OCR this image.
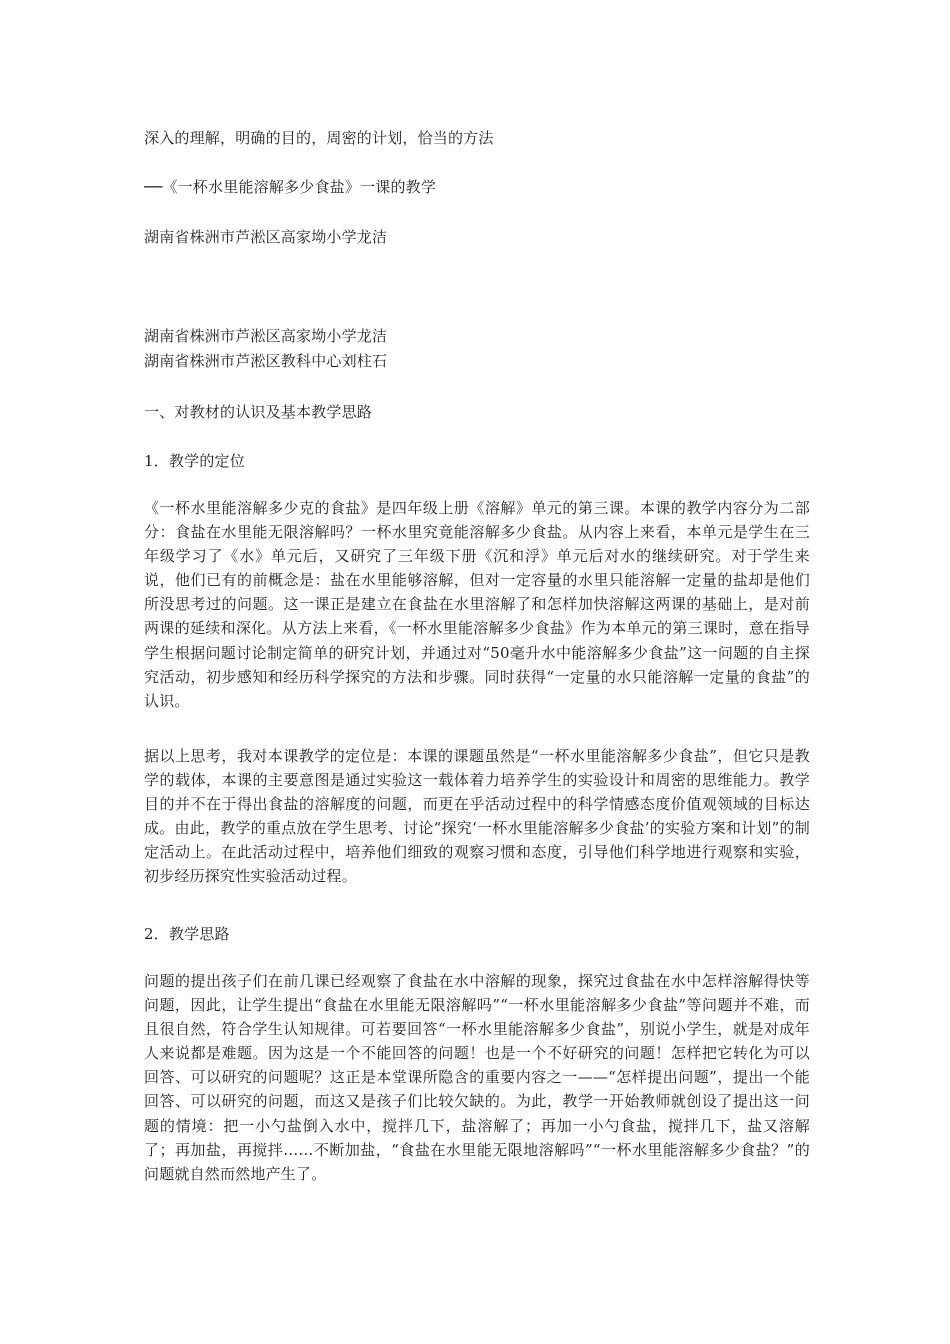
深入的理解，明确的目的，周密的计划，恰当的方法
──《一杯水里能溶解多少食盐》一课的教学
湖南省株洲市芦淞区高家坳小学龙洁
湖南省株洲市芦淞区高家坳小学龙洁
湖南省株洲市芦淞区教科中心刘柱石
一、对教材的认识及基本教学思路
1．教学的定位
《一杯水里能溶解多少克的食盐》是四年级上册《溶解》单元的第三课。本课的教学内容分为二部分：食盐在水里能无限溶解吗？一杯水里究竟能溶解多少食盐。从内容上来看，本单元是学生在三年级学习了《水》单元后，又研究了三年级下册《沉和浮》单元后对水的继续研究。对于学生来说，他们已有的前概念是：盐在水里能够溶解，但对一定容量的水里只能溶解一定量的盐却是他们所没思考过的问题。这一课正是建立在食盐在水里溶解了和怎样加快溶解这两课的基础上，是对前两课的延续和深化。从方法上来看，《一杯水里能溶解多少食盐》作为本单元的第三课时，意在指导学生根据问题讨论制定简单的研究计划，并通过对“50毫升水中能溶解多少食盐”这一问题的自主探究活动，初步感知和经历科学探究的方法和步骤。同时获得“一定量的水只能溶解一定量的食盐”的认识。
据以上思考，我对本课教学的定位是：本课的课题虽然是“一杯水里能溶解多少食盐”，但它只是教学的载体，本课的主要意图是通过实验这一载体着力培养学生的实验设计和周密的思维能力。教学目的并不在于得出食盐的溶解度的问题，而更在乎活动过程中的科学情感态度价值观领域的目标达成。由此，教学的重点放在学生思考、讨论“探究‘一杯水里能溶解多少食盐’的实验方案和计划”的制定活动上。在此活动过程中，培养他们细致的观察习惯和态度，引导他们科学地进行观察和实验，初步经历探究性实验活动过程。
2．教学思路
问题的提出孩子们在前几课已经观察了食盐在水中溶解的现象，探究过食盐在水中怎样溶解得快等问题，因此，让学生提出“食盐在水里能无限溶解吗”“一杯水里能溶解多少食盐”等问题并不难，而且很自然，符合学生认知规律。可若要回答“一杯水里能溶解多少食盐”，别说小学生，就是对成年人来说都是难题。因为这是一个不能回答的问题！也是一个不好研究的问题！怎样把它转化为可以回答、可以研究的问题呢？这正是本堂课所隐含的重要内容之一——“怎样提出问题”，提出一个能回答、可以研究的问题，而这又是孩子们比较欠缺的。为此，教学一开始教师就创设了提出这一问题的情境：把一小勺盐倒入水中，搅拌几下，盐溶解了；再加一小勺食盐，搅拌几下，盐又溶解了；再加盐，再搅拌……不断加盐，“食盐在水里能无限地溶解吗”“一杯水里能溶解多少食盐？”的问题就自然而然地产生了。
